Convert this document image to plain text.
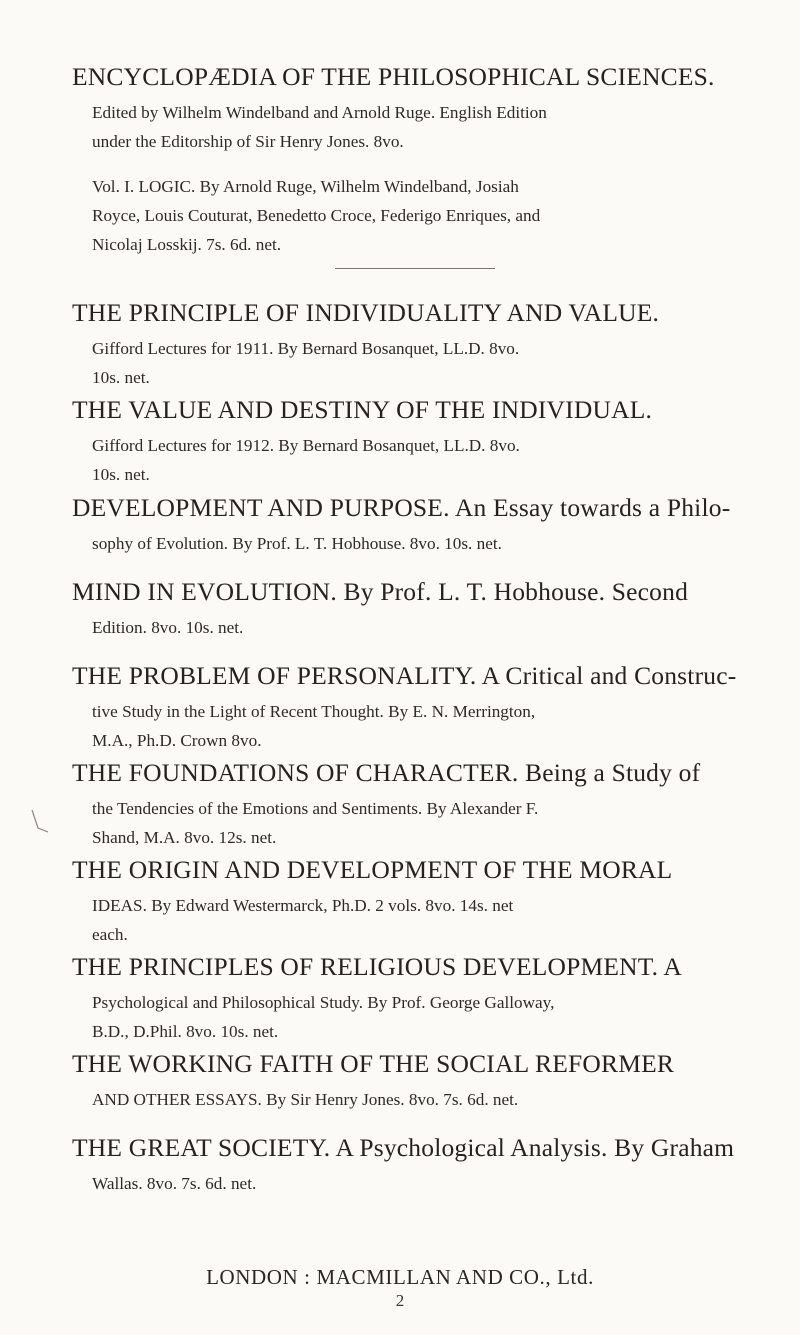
ENCYCLOPÆDIA OF THE PHILOSOPHICAL SCIENCES.
Edited by Wilhelm Windelband and Arnold Ruge. English Edition
under the Editorship of Sir Henry Jones. 8vo.
Vol. I. LOGIC. By Arnold Ruge, Wilhelm Windelband, Josiah
Royce, Louis Couturat, Benedetto Croce, Federigo Enriques, and
Nicolaj Losskij. 7s. 6d. net.
THE PRINCIPLE OF INDIVIDUALITY AND VALUE.
Gifford Lectures for 1911. By Bernard Bosanquet, LL.D. 8vo.
10s. net.
THE VALUE AND DESTINY OF THE INDIVIDUAL.
Gifford Lectures for 1912. By Bernard Bosanquet, LL.D. 8vo.
10s. net.
DEVELOPMENT AND PURPOSE. An Essay towards a Philo-
sophy of Evolution. By Prof. L. T. Hobhouse. 8vo. 10s. net.
MIND IN EVOLUTION. By Prof. L. T. Hobhouse. Second
Edition. 8vo. 10s. net.
THE PROBLEM OF PERSONALITY. A Critical and Construc-
tive Study in the Light of Recent Thought. By E. N. Merrington,
M.A., Ph.D. Crown 8vo.
THE FOUNDATIONS OF CHARACTER. Being a Study of
the Tendencies of the Emotions and Sentiments. By Alexander F.
Shand, M.A. 8vo. 12s. net.
THE ORIGIN AND DEVELOPMENT OF THE MORAL
IDEAS. By Edward Westermarck, Ph.D. 2 vols. 8vo. 14s. net
each.
THE PRINCIPLES OF RELIGIOUS DEVELOPMENT. A
Psychological and Philosophical Study. By Prof. George Galloway,
B.D., D.Phil. 8vo. 10s. net.
THE WORKING FAITH OF THE SOCIAL REFORMER
AND OTHER ESSAYS. By Sir Henry Jones. 8vo. 7s. 6d. net.
THE GREAT SOCIETY. A Psychological Analysis. By Graham
Wallas. 8vo. 7s. 6d. net.
LONDON : MACMILLAN AND CO., Ltd.
2
